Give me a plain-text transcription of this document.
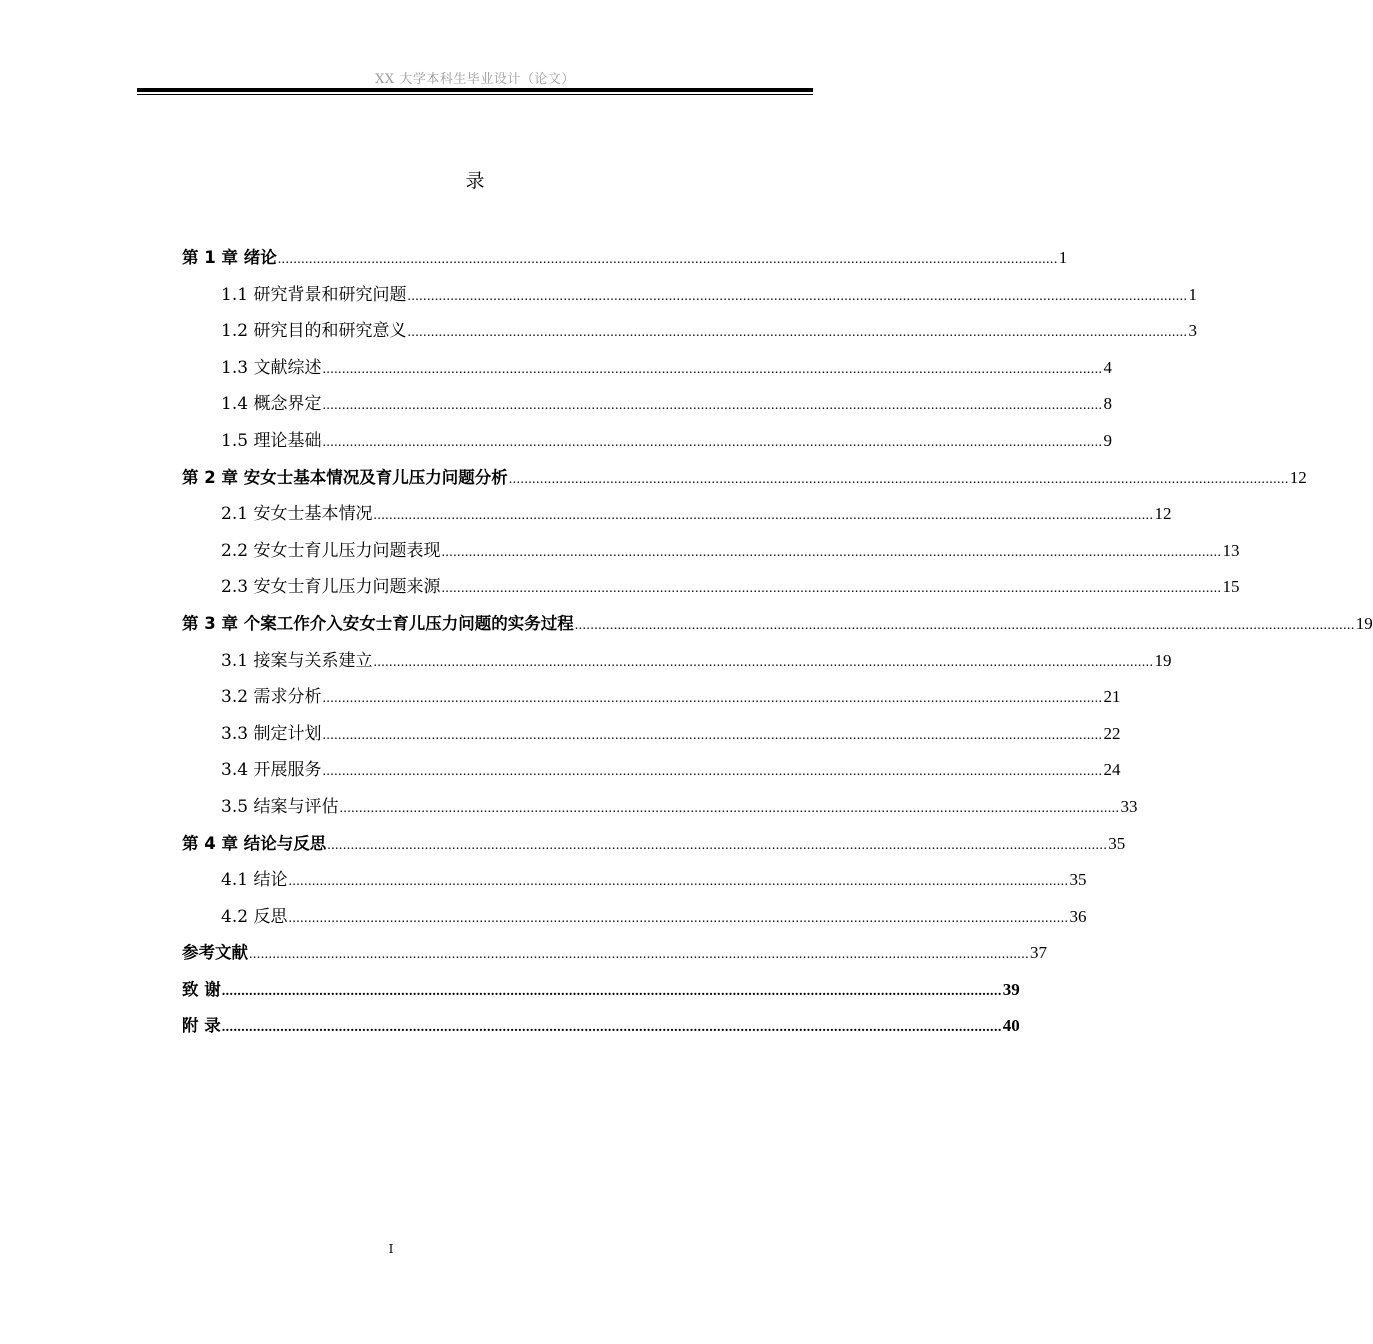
XX 大学本科生毕业设计（论文）
录
第 1 章 绪论 ........................................................................................................................................................................................................ 1
1.1 研究背景和研究问题 ........................................................................................................................................................................................................ 1
1.2 研究目的和研究意义 ........................................................................................................................................................................................................ 3
1.3 文献综述 ........................................................................................................................................................................................................ 4
1.4 概念界定 ........................................................................................................................................................................................................ 8
1.5 理论基础 ........................................................................................................................................................................................................ 9
第 2 章 安女士基本情况及育儿压力问题分析 ........................................................................................................................................................................................................ 12
2.1 安女士基本情况 ........................................................................................................................................................................................................ 12
2.2 安女士育儿压力问题表现 ........................................................................................................................................................................................................ 13
2.3 安女士育儿压力问题来源 ........................................................................................................................................................................................................ 15
第 3 章 个案工作介入安女士育儿压力问题的实务过程 ........................................................................................................................................................................................................ 19
3.1 接案与关系建立 ........................................................................................................................................................................................................ 19
3.2 需求分析 ........................................................................................................................................................................................................ 21
3.3 制定计划 ........................................................................................................................................................................................................ 22
3.4 开展服务 ........................................................................................................................................................................................................ 24
3.5 结案与评估 ........................................................................................................................................................................................................ 33
第 4 章 结论与反思 ........................................................................................................................................................................................................ 35
4.1 结论 ........................................................................................................................................................................................................ 35
4.2 反思 ........................................................................................................................................................................................................ 36
参考文献 ........................................................................................................................................................................................................ 37
致 谢 ........................................................................................................................................................................................................ 39
附 录 ........................................................................................................................................................................................................ 40
I
